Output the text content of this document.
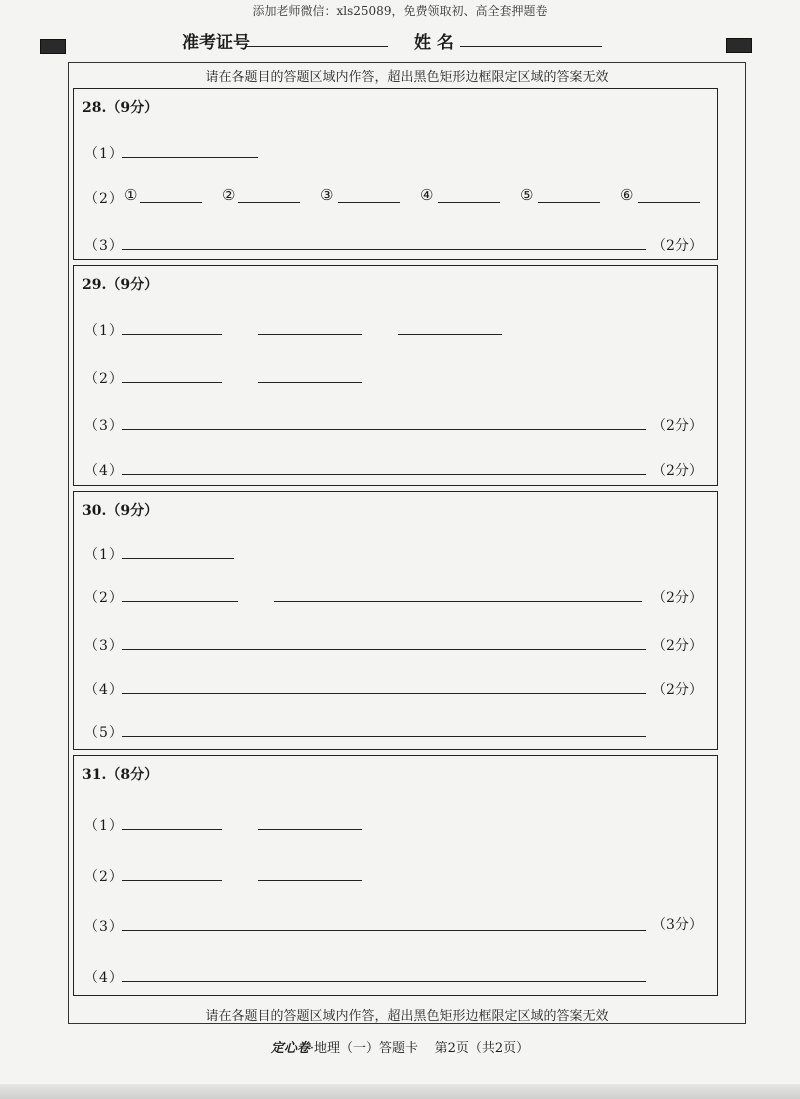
添加老师微信：xls25089，免费领取初、高全套押题卷
准考证号	姓 名
请在各题目的答题区域内作答，超出黑色矩形边框限定区域的答案无效
28.（9分）
（1）
（2） ①	②	③	④	⑤	⑥
（3）	（2分）
29.（9分）
（1）
（2）
（3）	（2分）
（4）	（2分）
30.（9分）
（1）
（2）	（2分）
（3）	（2分）
（4）	（2分）
（5）
31.（8分）
（1）
（2）
（3）	（3分）
（4）
请在各题目的答题区域内作答，超出黑色矩形边框限定区域的答案无效
定心卷·地理（一）答题卡 第2页（共2页）
